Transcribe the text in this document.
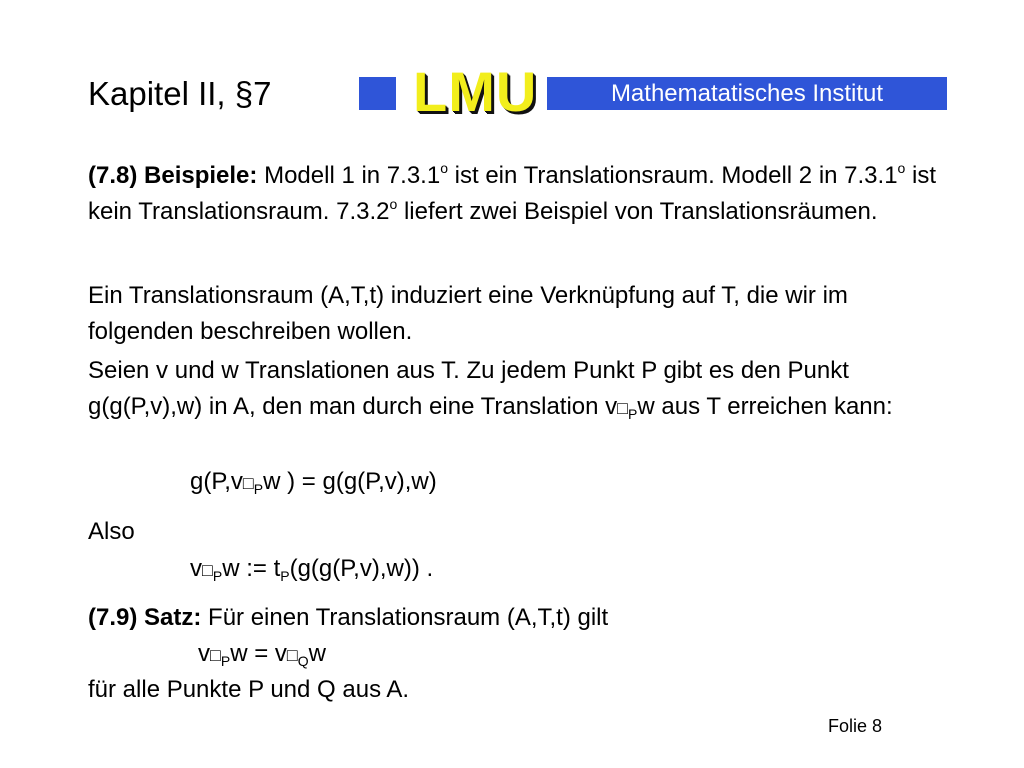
Kapitel II, §7	LMU	Mathematatisches Institut
(7.8) Beispiele: Modell 1 in 7.3.1$^o$ ist ein Translationsraum. Modell 2 in 7.3.1$^o$ ist kein Translationsraum. 7.3.2$^o$ liefert zwei Beispiel von Translationsräumen.
Ein Translationsraum (A,T,t) induziert eine Verknüpfung auf T, die wir im folgenden beschreiben wollen.
Seien v und w Translationen aus T. Zu jedem Punkt P gibt es den Punkt g(g(P,v),w) in A, den man durch eine Translation $v□_Pw$ aus T erreichen kann:
$g(P,v□_Pw$ ) = g(g(P,v),w)
Also
$v□_Pw$ := $t_P(g(g(P,v),w))$ .
(7.9) Satz: Für einen Translationsraum (A,T,t) gilt
$v□_Pw$ = $v□_Qw$
für alle Punkte P und Q aus A.
Folie 8
